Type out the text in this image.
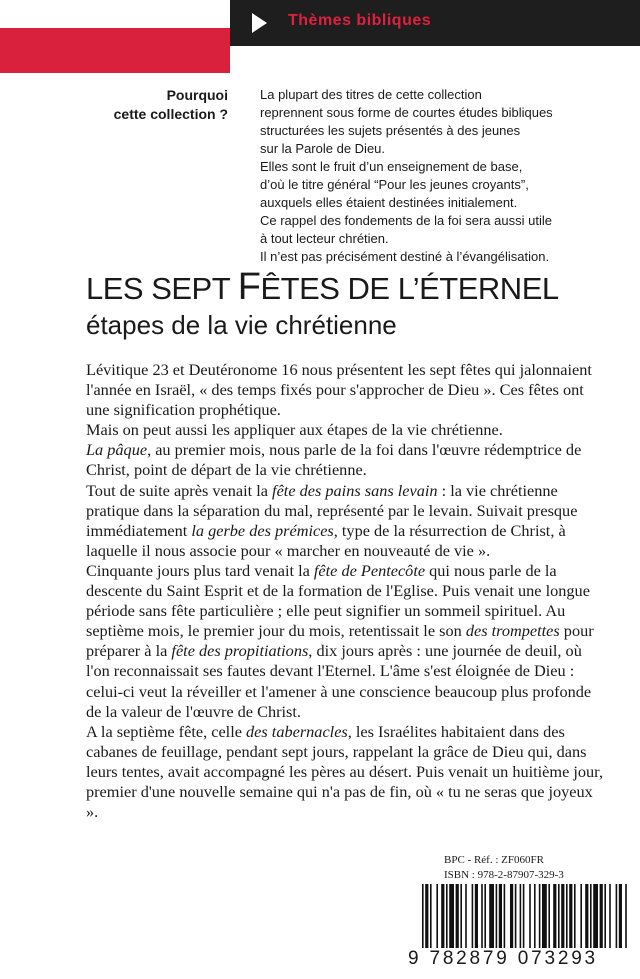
Thèmes bibliques
Pourquoi
cette collection ?

La plupart des titres de cette collection

reprennent sous forme de courtes études bibliques

structurées les sujets présentés à des jeunes

sur la Parole de Dieu.

Elles sont le fruit d’un enseignement de base,

d’où le titre général “Pour les jeunes croyants”,

auxquels elles étaient destinées initialement.

Ce rappel des fondements de la foi sera aussi utile

à tout lecteur chrétien.

Il n’est pas précisément destiné à l’évangélisation.

LES SEPT FÊTES DE L’ÉTERNEL
étapes de la vie chrétienne

Lévitique 23 et Deutéronome 16 nous présentent les sept fêtes qui jalonnaient l'année en Israël, « des temps fixés pour s'approcher de Dieu ». Ces fêtes ont une signification prophétique.

Mais on peut aussi les appliquer aux étapes de la vie chrétienne.

La pâque, au premier mois, nous parle de la foi dans l'œuvre rédemptrice de Christ, point de départ de la vie chrétienne.

Tout de suite après venait la fête des pains sans levain : la vie chrétienne pratique dans la séparation du mal, représenté par le levain. Suivait presque immédiatement la gerbe des prémices, type de la résurrection de Christ, à laquelle il nous associe pour « marcher en nouveauté de vie ».

Cinquante jours plus tard venait la fête de Pentecôte qui nous parle de la descente du Saint Esprit et de la formation de l'Eglise. Puis venait une longue période sans fête particulière ; elle peut signifier un sommeil spirituel. Au septième mois, le premier jour du mois, retentissait le son des trompettes pour préparer à la fête des propitiations, dix jours après : une journée de deuil, où l'on reconnaissait ses fautes devant l'Eternel. L'âme s'est éloignée de Dieu : celui-ci veut la réveiller et l'amener à une conscience beaucoup plus profonde de la valeur de l'œuvre de Christ.

A la septième fête, celle des tabernacles, les Israélites habitaient dans des cabanes de feuillage, pendant sept jours, rappelant la grâce de Dieu qui, dans leurs tentes, avait accompagné les pères au désert. Puis venait un huitième jour, premier d'une nouvelle semaine qui n'a pas de fin, où « tu ne seras que joyeux ».

BPC - Réf. : ZF060FR
ISBN : 978-2-87907-329-3
9 782879 073293
